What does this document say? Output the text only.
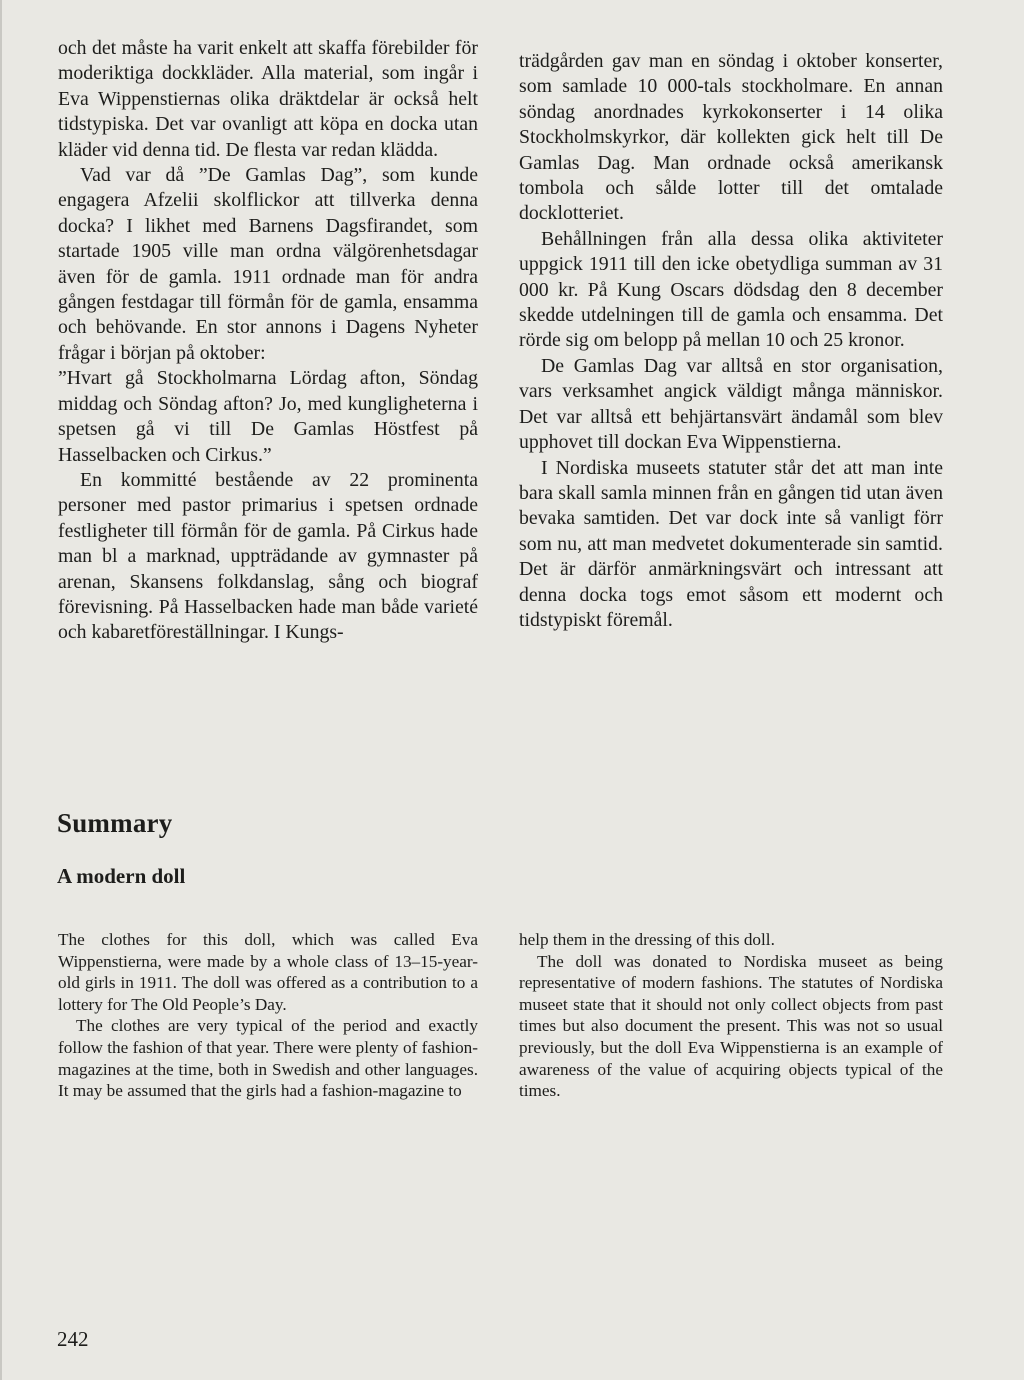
och det måste ha varit enkelt att skaffa förebilder för moderiktiga dockkläder. Alla material, som ingår i Eva Wippenstiernas olika dräktdelar är också helt tidstypiska. Det var ovanligt att köpa en docka utan kläder vid denna tid. De flesta var redan klädda.

Vad var då ”De Gamlas Dag”, som kunde engagera Afzelii skolflickor att tillverka denna docka? I likhet med Barnens Dagsfirandet, som startade 1905 ville man ordna välgörenhetsdagar även för de gamla. 1911 ordnade man för andra gången festdagar till förmån för de gamla, ensamma och behövande. En stor annons i Dagens Nyheter frågar i början på oktober:

”Hvart gå Stockholmarna Lördag afton, Söndag middag och Söndag afton? Jo, med kungligheterna i spetsen gå vi till De Gamlas Höstfest på Hasselbacken och Cirkus.”

En kommitté bestående av 22 prominenta personer med pastor primarius i spetsen ordnade festligheter till förmån för de gamla. På Cirkus hade man bl a marknad, uppträdande av gymnaster på arenan, Skansens folkdanslag, sång och biograf förevisning. På Hasselbacken hade man både varieté och kabaretföreställningar. I Kungs-

trädgården gav man en söndag i oktober konserter, som samlade 10 000-tals stockholmare. En annan söndag anordnades kyrkokonserter i 14 olika Stockholmskyrkor, där kollekten gick helt till De Gamlas Dag. Man ordnade också amerikansk tombola och sålde lotter till det omtalade docklotteriet.

Behållningen från alla dessa olika aktiviteter uppgick 1911 till den icke obetydliga summan av 31 000 kr. På Kung Oscars dödsdag den 8 december skedde utdelningen till de gamla och ensamma. Det rörde sig om belopp på mellan 10 och 25 kronor.

De Gamlas Dag var alltså en stor organisation, vars verksamhet angick väldigt många människor. Det var alltså ett behjärtansvärt ändamål som blev upphovet till dockan Eva Wippenstierna.

I Nordiska museets statuter står det att man inte bara skall samla minnen från en gången tid utan även bevaka samtiden. Det var dock inte så vanligt förr som nu, att man medvetet dokumenterade sin samtid. Det är därför anmärkningsvärt och intressant att denna docka togs emot såsom ett modernt och tidstypiskt föremål.

Summary
A modern doll

The clothes for this doll, which was called Eva Wippenstierna, were made by a whole class of 13–15-year-old girls in 1911. The doll was offered as a contribution to a lottery for The Old People’s Day.

The clothes are very typical of the period and exactly follow the fashion of that year. There were plenty of fashion-magazines at the time, both in Swedish and other languages. It may be assumed that the girls had a fashion-magazine to

help them in the dressing of this doll.

The doll was donated to Nordiska museet as being representative of modern fashions. The statutes of Nordiska museet state that it should not only collect objects from past times but also document the present. This was not so usual previously, but the doll Eva Wippenstierna is an example of awareness of the value of acquiring objects typical of the times.

242
